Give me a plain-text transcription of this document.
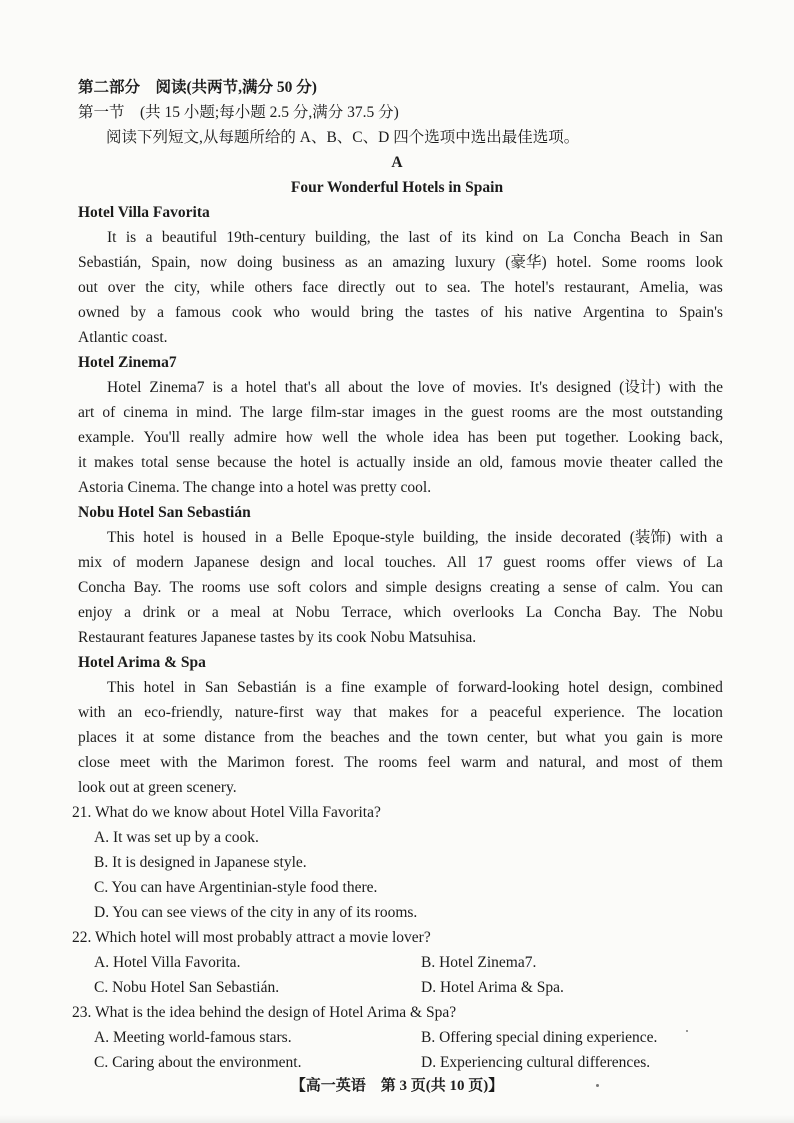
第二部分　阅读(共两节,满分 50 分)
第一节　(共 15 小题;每小题 2.5 分,满分 37.5 分)
阅读下列短文,从每题所给的 A、B、C、D 四个选项中选出最佳选项。
A
Four Wonderful Hotels in Spain
Hotel Villa Favorita
It is a beautiful 19th-century building, the last of its kind on La Concha Beach in San
Sebastián, Spain, now doing business as an amazing luxury (豪华) hotel. Some rooms look
out over the city, while others face directly out to sea. The hotel's restaurant, Amelia, was
owned by a famous cook who would bring the tastes of his native Argentina to Spain's
Atlantic coast.
Hotel Zinema7
Hotel Zinema7 is a hotel that's all about the love of movies. It's designed (设计) with the
art of cinema in mind. The large film-star images in the guest rooms are the most outstanding
example. You'll really admire how well the whole idea has been put together. Looking back,
it makes total sense because the hotel is actually inside an old, famous movie theater called the
Astoria Cinema. The change into a hotel was pretty cool.
Nobu Hotel San Sebastián
This hotel is housed in a Belle Epoque-style building, the inside decorated (装饰) with a
mix of modern Japanese design and local touches. All 17 guest rooms offer views of La
Concha Bay. The rooms use soft colors and simple designs creating a sense of calm. You can
enjoy a drink or a meal at Nobu Terrace, which overlooks La Concha Bay. The Nobu
Restaurant features Japanese tastes by its cook Nobu Matsuhisa.
Hotel Arima & Spa
This hotel in San Sebastián is a fine example of forward-looking hotel design, combined
with an eco-friendly, nature-first way that makes for a peaceful experience. The location
places it at some distance from the beaches and the town center, but what you gain is more
close meet with the Marimon forest. The rooms feel warm and natural, and most of them
look out at green scenery.
21. What do we know about Hotel Villa Favorita?
A. It was set up by a cook.
B. It is designed in Japanese style.
C. You can have Argentinian-style food there.
D. You can see views of the city in any of its rooms.
22. Which hotel will most probably attract a movie lover?
A. Hotel Villa Favorita.	B. Hotel Zinema7.
C. Nobu Hotel San Sebastián.	D. Hotel Arima & Spa.
23. What is the idea behind the design of Hotel Arima & Spa?
A. Meeting world-famous stars.	B. Offering special dining experience.
C. Caring about the environment.	D. Experiencing cultural differences.
【高一英语　第 3 页(共 10 页)】
